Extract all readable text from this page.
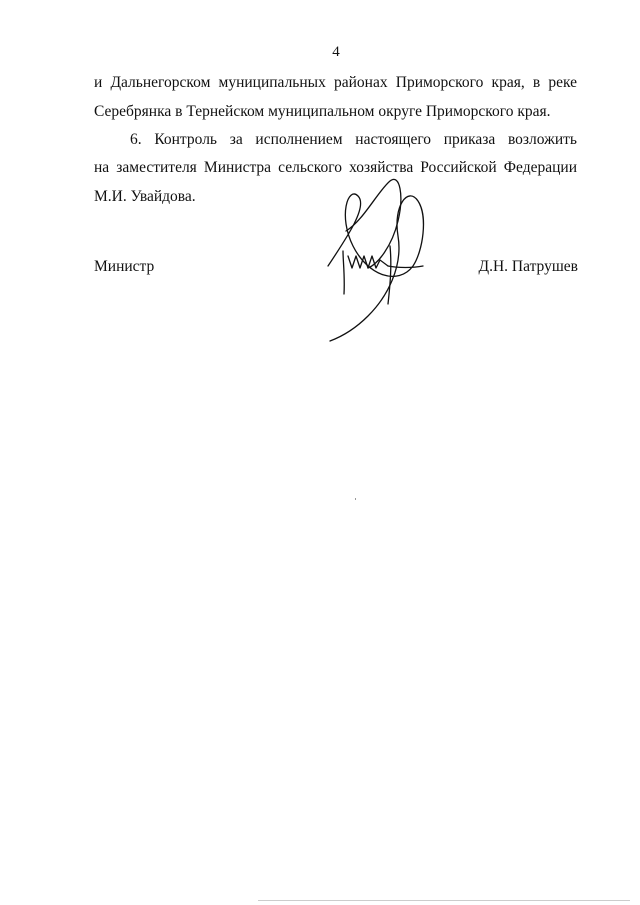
4
и Дальнегорском муниципальных районах Приморского края, в реке
Серебрянка в Тернейском муниципальном округе Приморского края.
6. Контроль за исполнением настоящего приказа возложить
на заместителя Министра сельского хозяйства Российской Федерации
М.И. Увайдова.
Министр	Д.Н. Патрушев
